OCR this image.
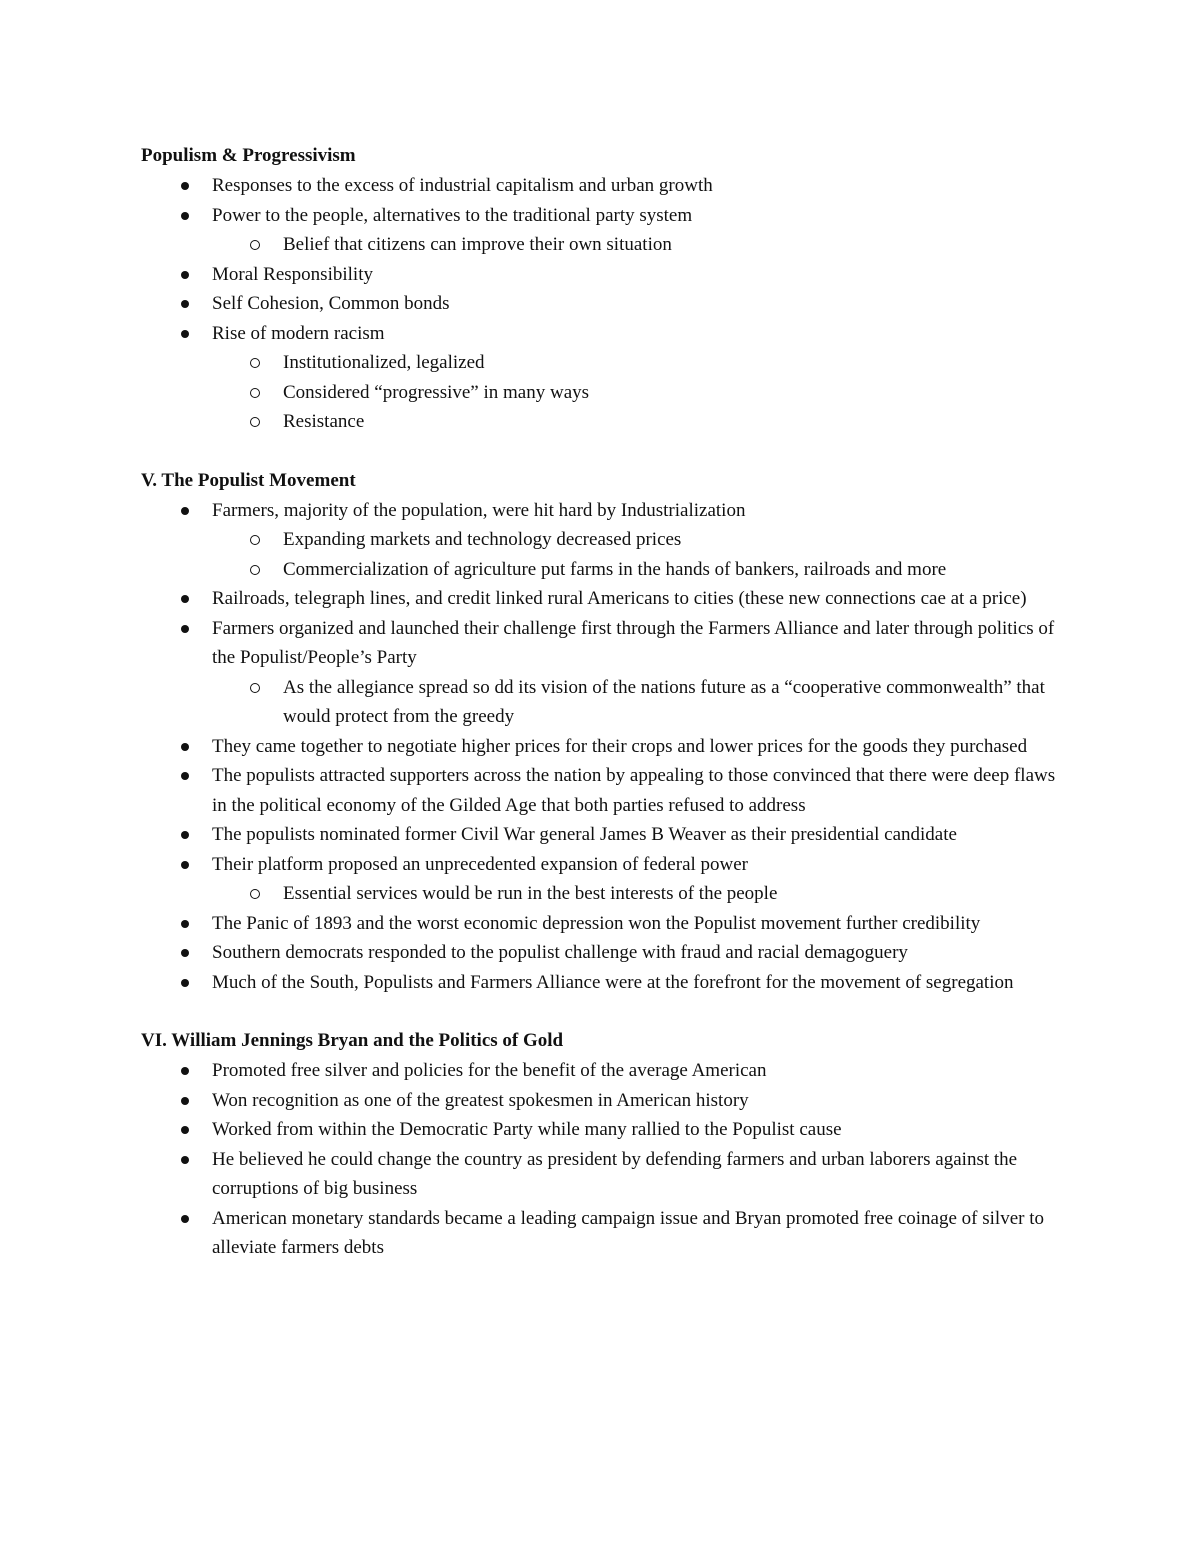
Populism & Progressivism
Responses to the excess of industrial capitalism and urban growth
Power to the people, alternatives to the traditional party system
Belief that citizens can improve their own situation
Moral Responsibility
Self Cohesion, Common bonds
Rise of modern racism
Institutionalized, legalized
Considered “progressive” in many ways
Resistance
V. The Populist Movement
Farmers, majority of the population, were hit hard by Industrialization
Expanding markets and technology decreased prices
Commercialization of agriculture put farms in the hands of bankers, railroads and more
Railroads, telegraph lines, and credit linked rural Americans to cities (these new connections cae at a price)
Farmers organized and launched their challenge first through the Farmers Alliance and later through politics of the Populist/People’s Party
As the allegiance spread so dd its vision of the nations future as a “cooperative commonwealth” that would protect from the greedy
They came together to negotiate higher prices for their crops and lower prices for the goods they purchased
The populists attracted supporters across the nation by appealing to those convinced that there were deep flaws in the political economy of the Gilded Age that both parties refused to address
The populists nominated former Civil War general James B Weaver as their presidential candidate
Their platform proposed an unprecedented expansion of federal power
Essential services would be run in the best interests of the people
The Panic of 1893 and the worst economic depression won the Populist movement further credibility
Southern democrats responded to the populist challenge with fraud and racial demagoguery
Much of the South, Populists and Farmers Alliance were at the forefront for the movement of segregation
VI. William Jennings Bryan and the Politics of Gold
Promoted free silver and policies for the benefit of the average American
Won recognition as one of the greatest spokesmen in American history
Worked from within the Democratic Party while many rallied to the Populist cause
He believed he could change the country as president by defending farmers and urban laborers against the corruptions of big business
American monetary standards became a leading campaign issue and Bryan promoted free coinage of silver to alleviate farmers debts
